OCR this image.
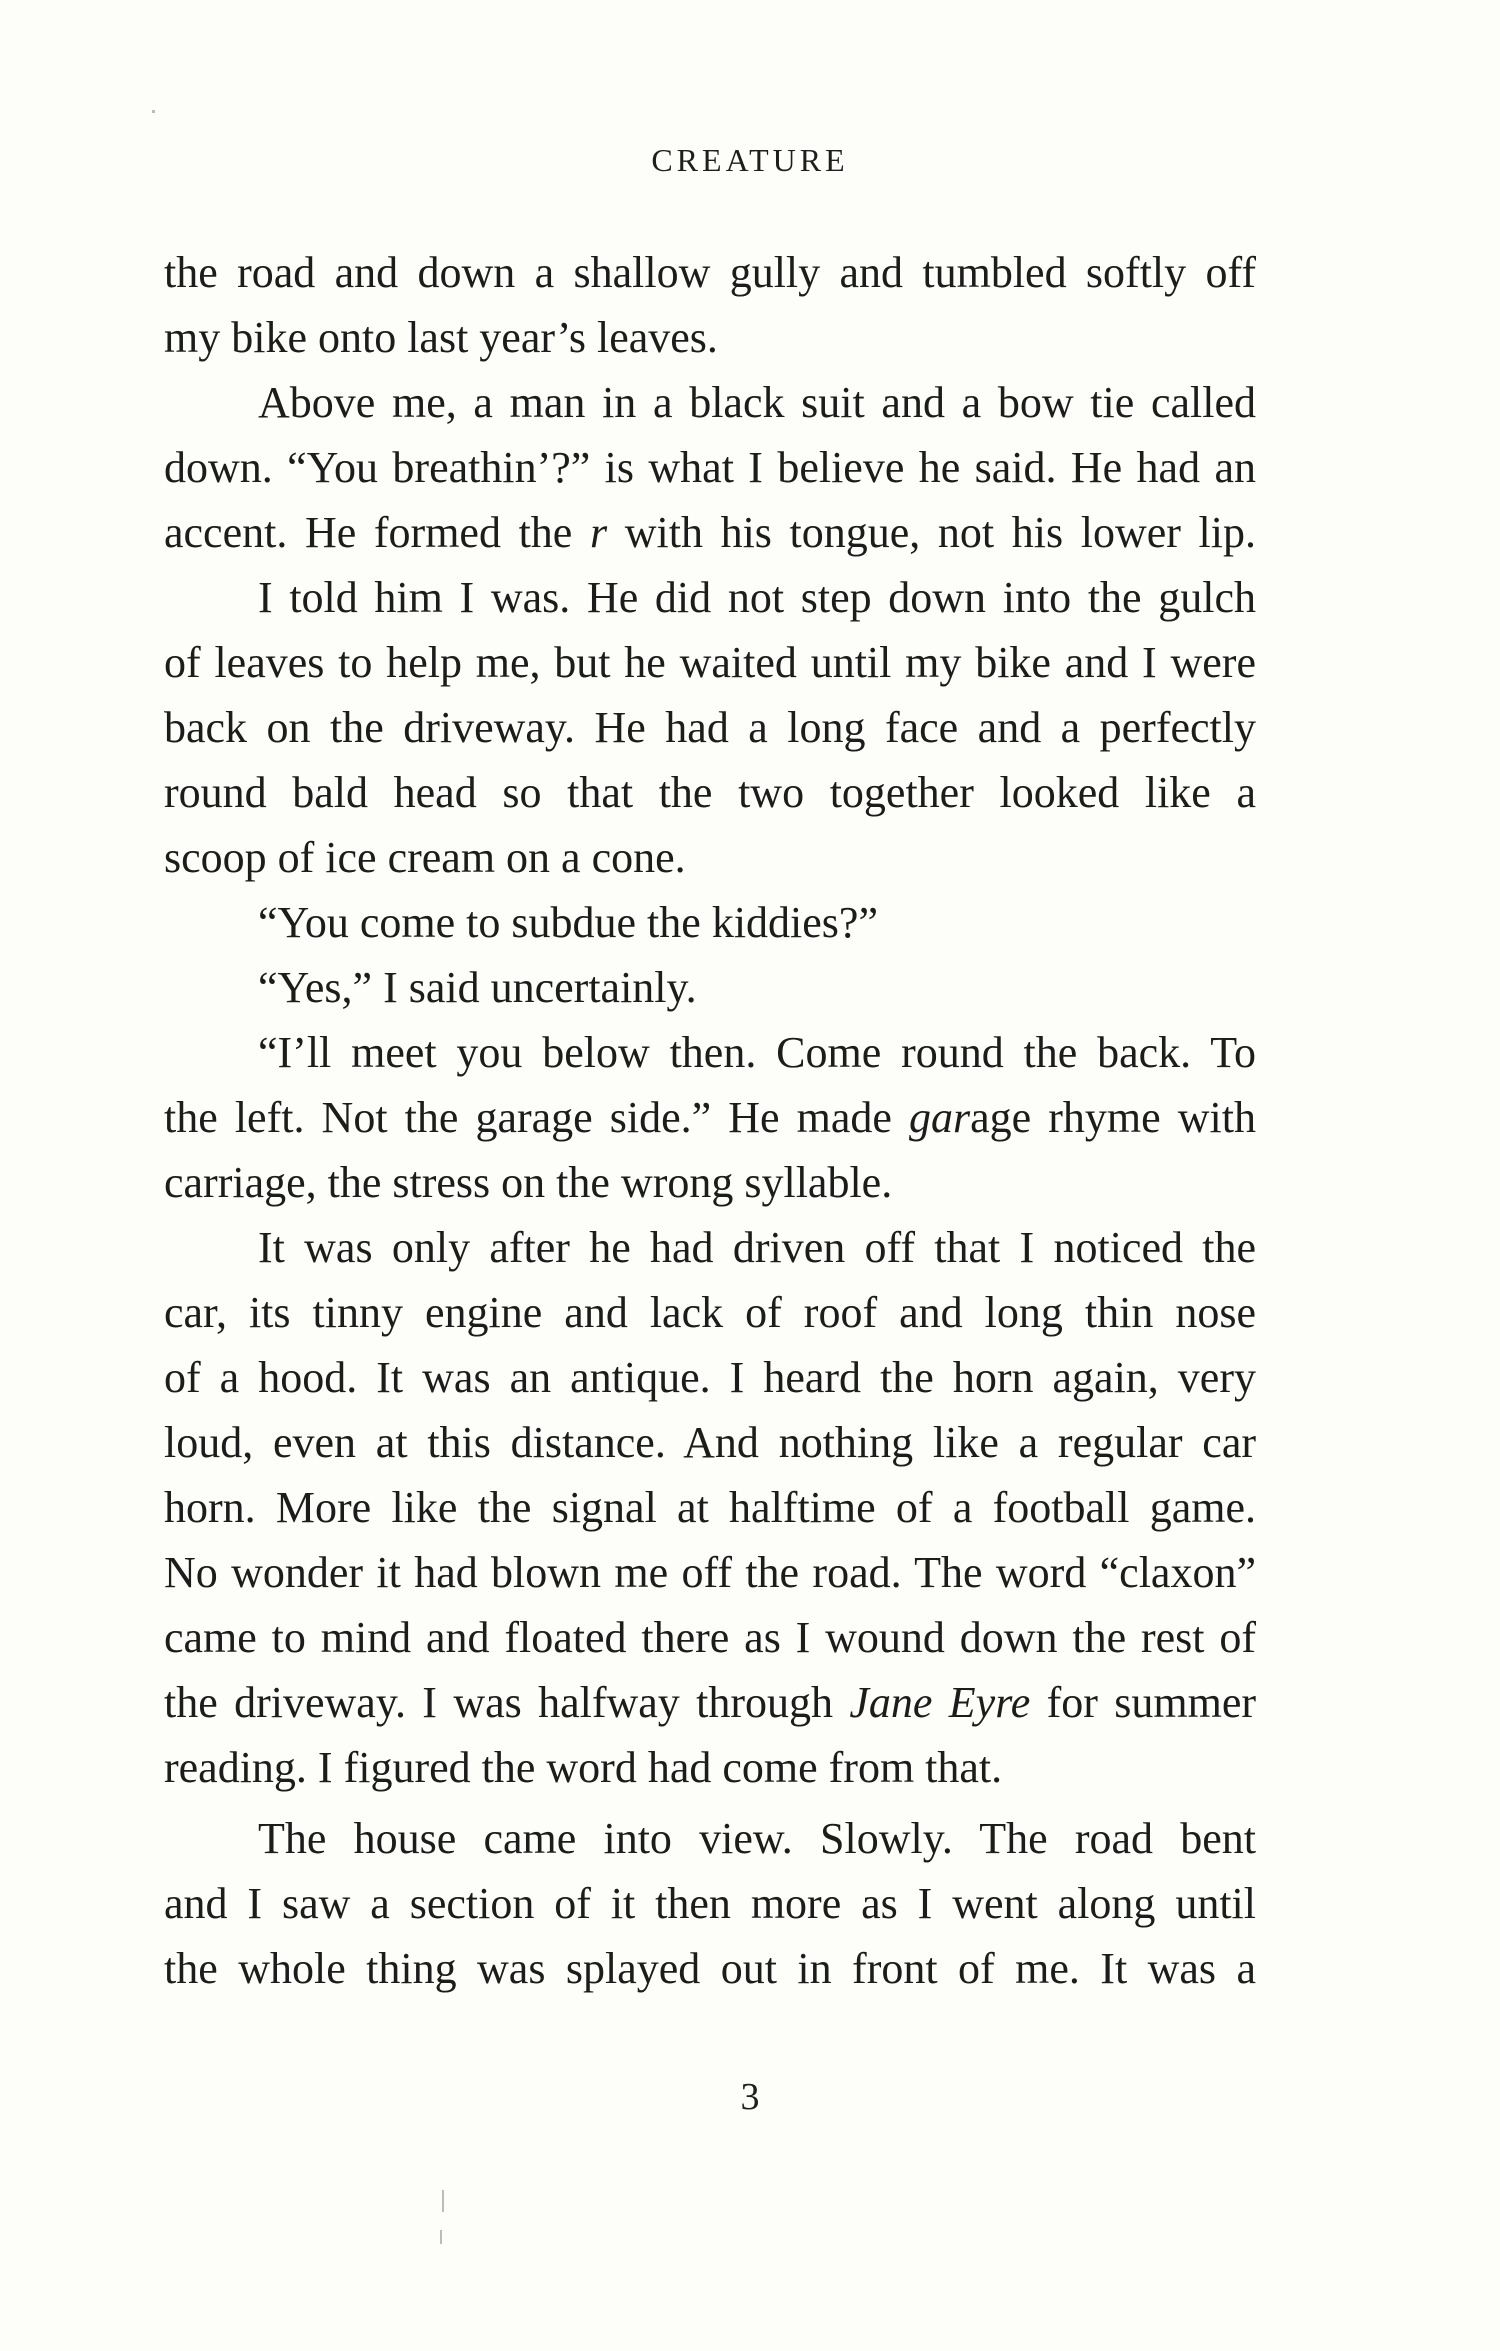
CREATURE
the road and down a shallow gully and tumbled softly off
my bike onto last year’s leaves.
Above me, a man in a black suit and a bow tie called
down. “You breathin’?” is what I believe he said. He had an
accent. He formed the r with his tongue, not his lower lip.
I told him I was. He did not step down into the gulch
of leaves to help me, but he waited until my bike and I were
back on the driveway. He had a long face and a perfectly
round bald head so that the two together looked like a
scoop of ice cream on a cone.
“You come to subdue the kiddies?”
“Yes,” I said uncertainly.
“I’ll meet you below then. Come round the back. To
the left. Not the garage side.” He made garage rhyme with
carriage, the stress on the wrong syllable.
It was only after he had driven off that I noticed the
car, its tinny engine and lack of roof and long thin nose
of a hood. It was an antique. I heard the horn again, very
loud, even at this distance. And nothing like a regular car
horn. More like the signal at halftime of a football game.
No wonder it had blown me off the road. The word “claxon”
came to mind and floated there as I wound down the rest of
the driveway. I was halfway through Jane Eyre for summer
reading. I figured the word had come from that.
The house came into view. Slowly. The road bent
and I saw a section of it then more as I went along until
the whole thing was splayed out in front of me. It was a
3
